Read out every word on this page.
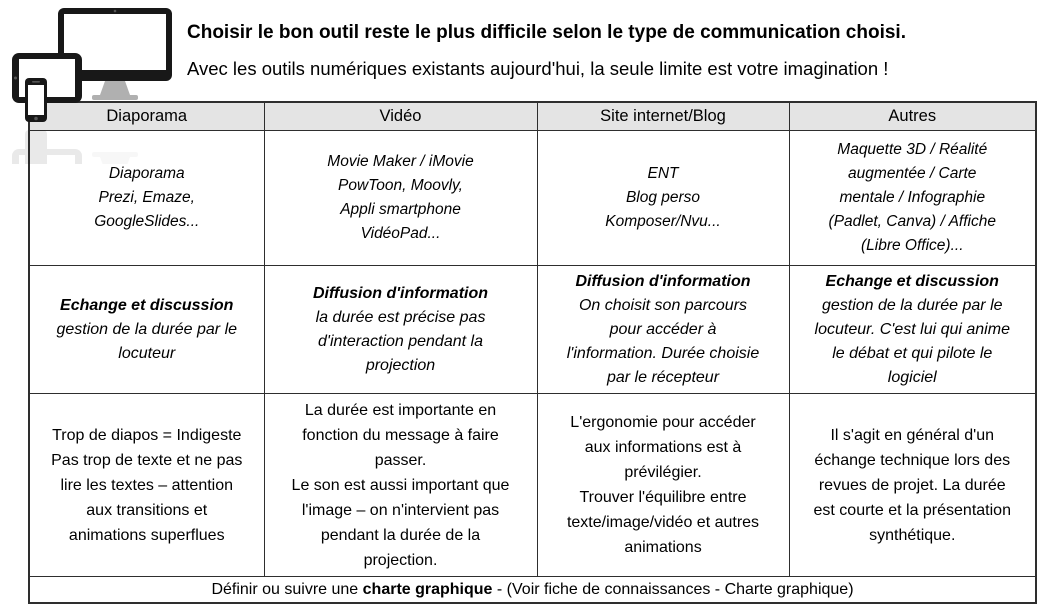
Choisir le bon outil reste le plus difficile selon le type de communication choisi.

Avec les outils numériques existants aujourd'hui, la seule limite est votre imagination !

Diaporama	Vidéo	Site internet/Blog	Autres
Diaporama
Prezi, Emaze,
GoogleSlides...	Movie Maker / iMovie
PowToon, Moovly,
Appli smartphone
VidéoPad...	ENT
Blog perso
Komposer/Nvu...	Maquette 3D / Réalité
augmentée / Carte
mentale / Infographie
(Padlet, Canva) / Affiche
(Libre Office)...

Echange et discussion
gestion de la durée par le
locuteur

Diffusion d'information
la durée est précise pas
d'interaction pendant la
projection

Diffusion d'information
On choisit son parcours
pour accéder à
l'information. Durée choisie
par le récepteur

Echange et discussion
gestion de la durée par le
locuteur. C'est lui qui anime
le débat et qui pilote le
logiciel

Trop de diapos = Indigeste
Pas trop de texte et ne pas
lire les textes – attention
aux transitions et
animations superflues	La durée est importante en
fonction du message à faire
passer.
Le son est aussi important que
l'image – on n'intervient pas
pendant la durée de la
projection.	L'ergonomie pour accéder
aux informations est à
prévilégier.
Trouver l'équilibre entre
texte/image/vidéo et autres
animations	Il s'agit en général d'un
échange technique lors des
revues de projet. La durée
est courte et la présentation
synthétique.
Définir ou suivre une charte graphique - (Voir fiche de connaissances - Charte graphique)			
